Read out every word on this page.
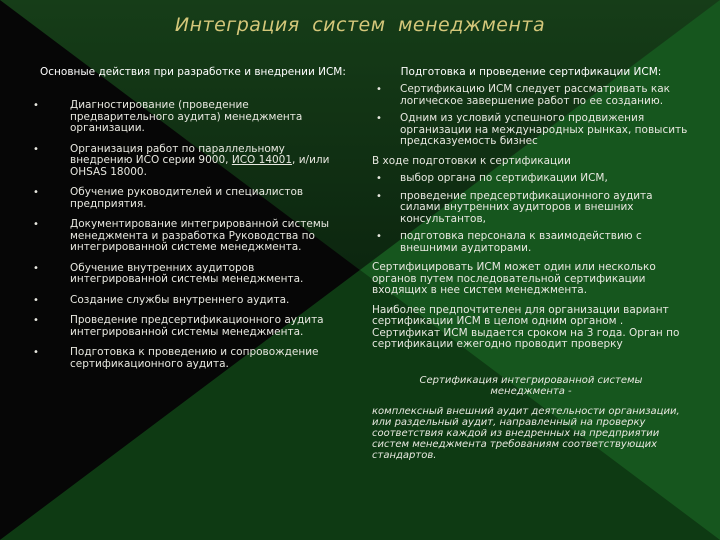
Интеграция систем менеджмента
Основные действия при разработке и внедрении ИСМ:
•	Диагностирование (проведение предварительного аудита) менеджмента организации.
•	Организация работ по параллельному внедрению ИСО серии 9000, ИСО 14001, и/или OHSAS 18000.
•	Обучение руководителей и специалистов предприятия.
•	Документирование интегрированной системы менеджмента и разработка Руководства по интегрированной системе менеджмента.
•	Обучение внутренних аудиторов интегрированной системы менеджмента.
•	Создание службы внутреннего аудита.
•	Проведение предсертификационного аудита интегрированной системы менеджмента.
•	Подготовка к проведению и сопровождение сертификационного аудита.
Подготовка и проведение сертификации ИСМ:
• Сертификацию ИСМ следует рассматривать как логическое завершение работ по ее созданию.
• Одним из условий успешного продвижения организации на международных рынках, повысить предсказуемость бизнес
В ходе подготовки к сертификации
• выбор органа по сертификации ИСМ,
• проведение предсертификационного аудита силами внутренних аудиторов и внешних консультантов,
• подготовка персонала к взаимодействию с внешними аудиторами.
Сертифицировать ИСМ может один или несколько органов путем последовательной сертификации входящих в нее систем менеджмента.
Наиболее предпочтителен для организации вариант сертификации ИСМ в целом одним органом . Сертификат ИСМ выдается сроком на 3 года. Орган по сертификации ежегодно проводит проверку
Сертификация интегрированной системы менеджмента -
комплексный внешний аудит деятельности организации, или раздельный аудит, направленный на проверку соответствия каждой из внедренных на предприятии систем менеджмента требованиям соответствующих стандартов.
